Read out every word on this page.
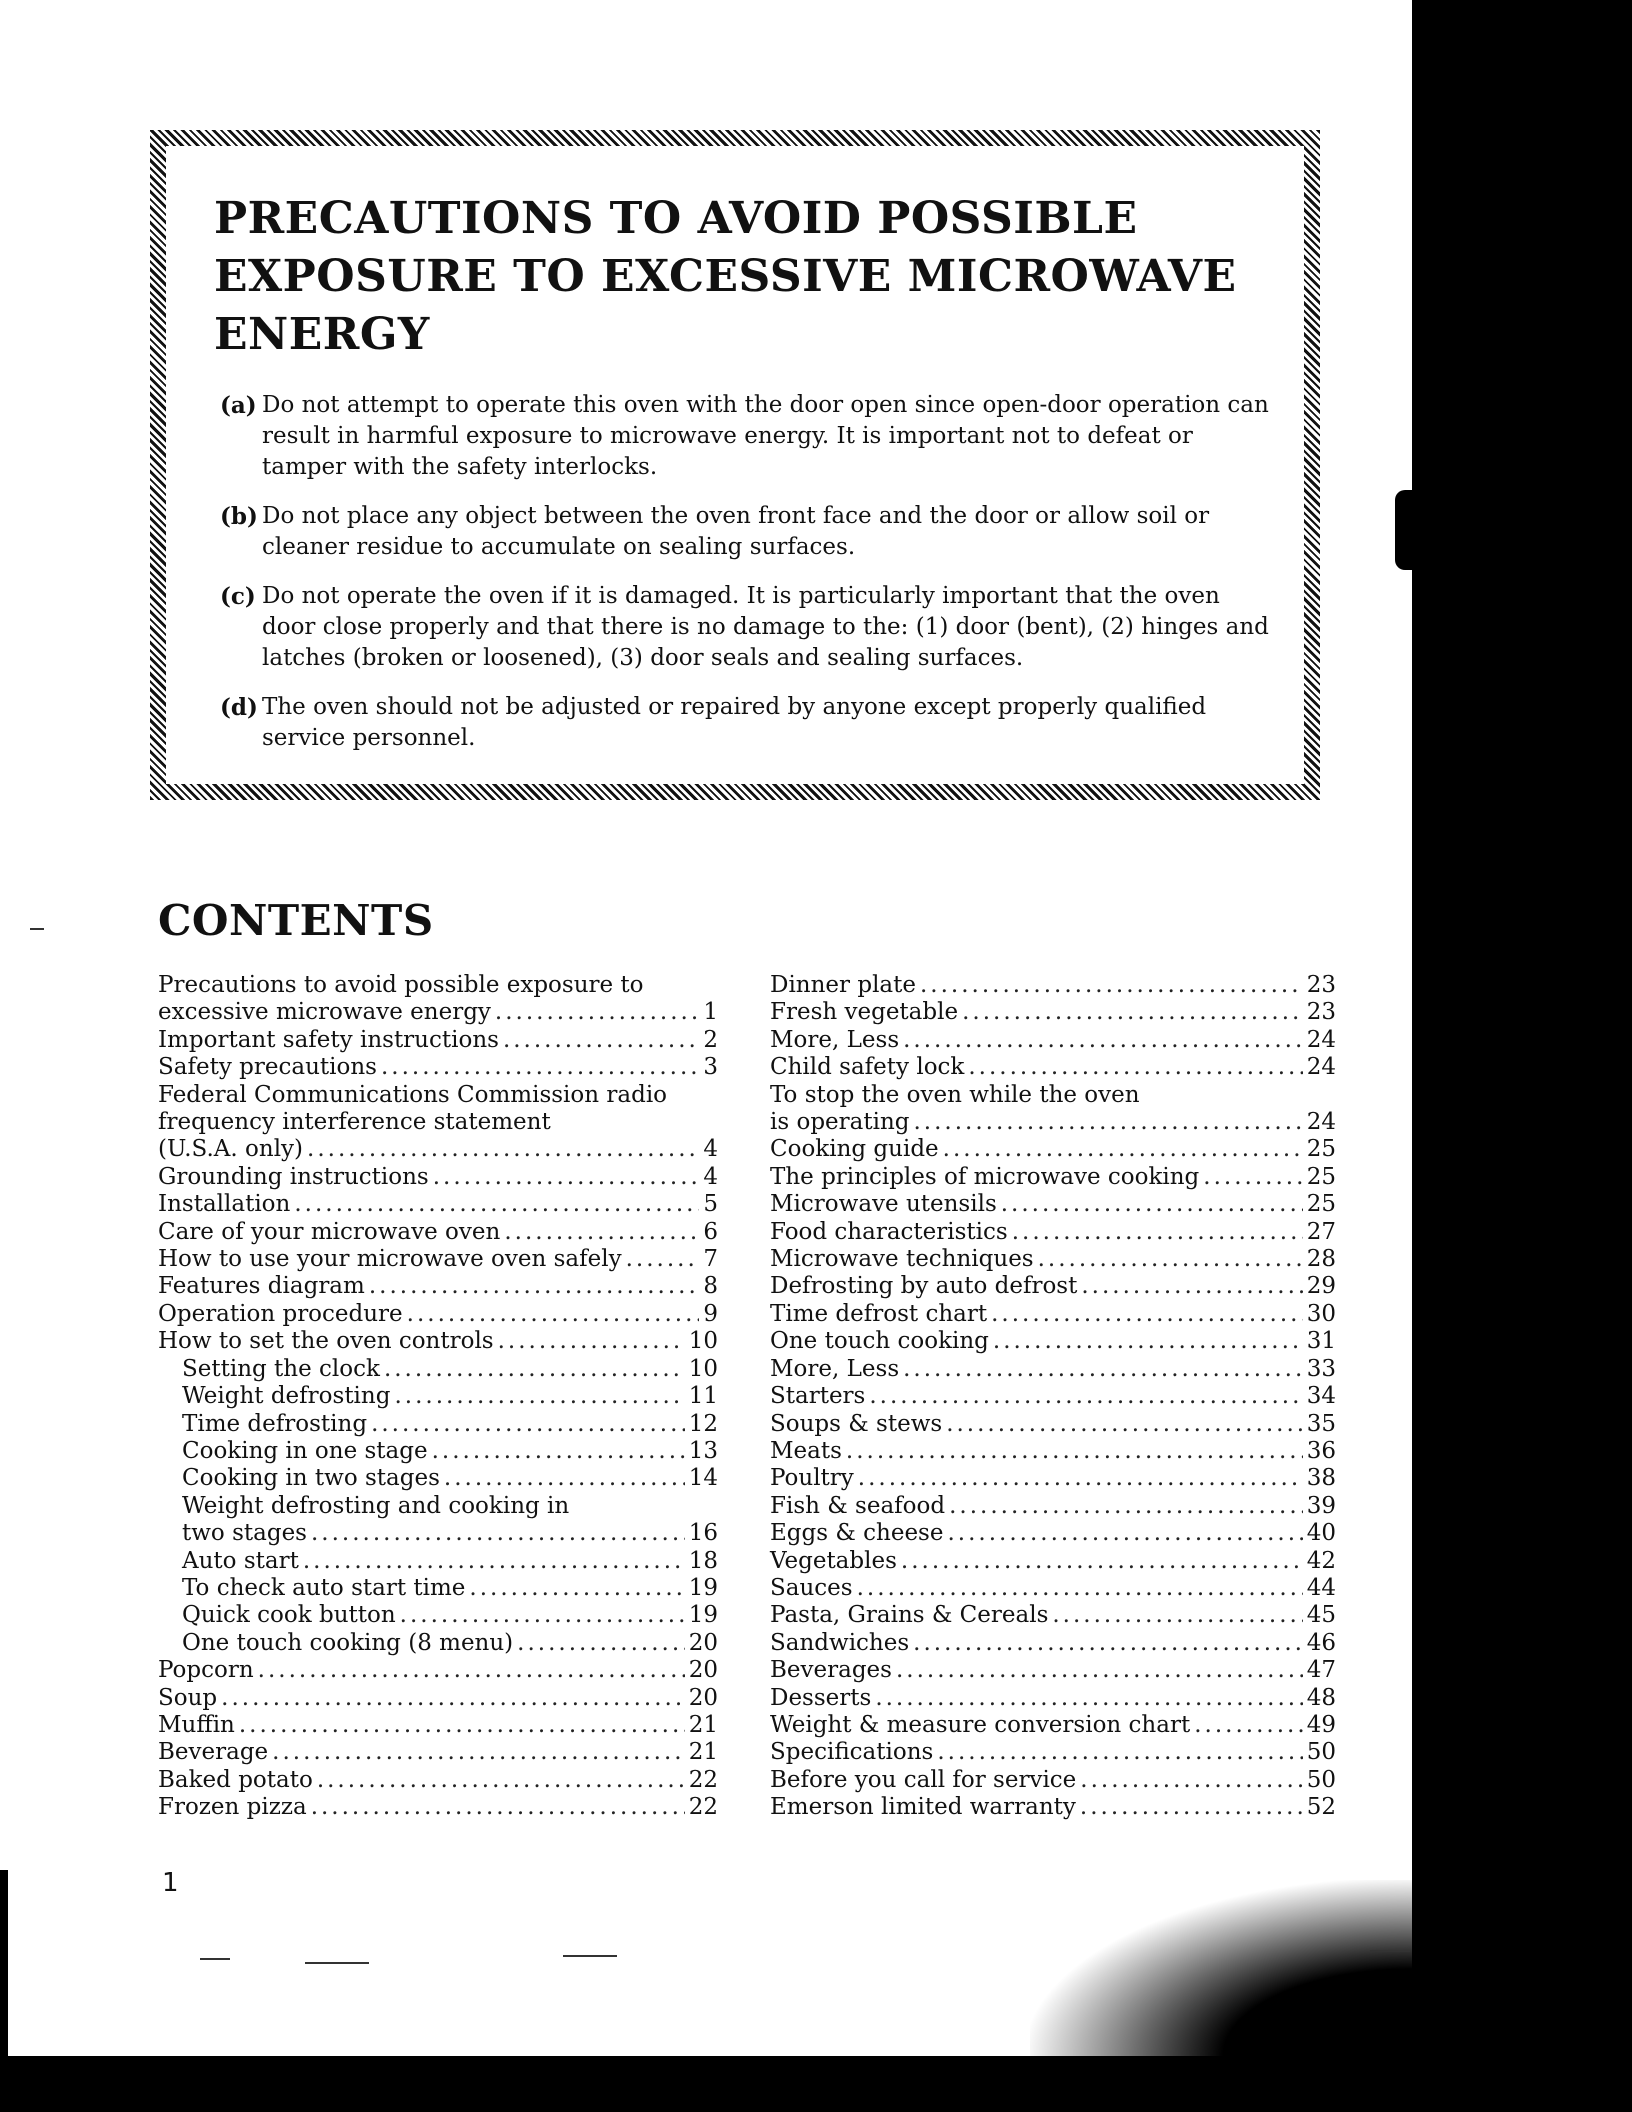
PRECAUTIONS TO AVOID POSSIBLE
EXPOSURE TO EXCESSIVE MICROWAVE
ENERGY
(a) Do not attempt to operate this oven with the door open since open-door operation can result in harmful exposure to microwave energy. It is important not to defeat or tamper with the safety interlocks.
(b) Do not place any object between the oven front face and the door or allow soil or cleaner residue to accumulate on sealing surfaces.
(c) Do not operate the oven if it is damaged. It is particularly important that the oven door close properly and that there is no damage to the: (1) door (bent), (2) hinges and latches (broken or loosened), (3) door seals and sealing surfaces.
(d) The oven should not be adjusted or repaired by anyone except properly qualified service personnel.
CONTENTS
Precautions to avoid possible exposure to
excessive microwave energy .....	1
Important safety instructions .....	2
Safety precautions .....	3
Federal Communications Commission radio
frequency interference statement
(U.S.A. only) .....	4
Grounding instructions .....	4
Installation .....	5
Care of your microwave oven .....	6
How to use your microwave oven safely .....	7
Features diagram .....	8
Operation procedure .....	9
How to set the oven controls .....	10
Setting the clock .....	10
Weight defrosting .....	11
Time defrosting .....	12
Cooking in one stage .....	13
Cooking in two stages .....	14
Weight defrosting and cooking in
two stages .....	16
Auto start .....	18
To check auto start time .....	19
Quick cook button .....	19
One touch cooking (8 menu) .....	20
Popcorn .....	20
Soup .....	20
Muffin .....	21
Beverage .....	21
Baked potato .....	22
Frozen pizza .....	22
Dinner plate .....	23
Fresh vegetable .....	23
More, Less .....	24
Child safety lock .....	24
To stop the oven while the oven
is operating .....	24
Cooking guide .....	25
The principles of microwave cooking .....	25
Microwave utensils .....	25
Food characteristics .....	27
Microwave techniques .....	28
Defrosting by auto defrost .....	29
Time defrost chart .....	30
One touch cooking .....	31
More, Less .....	33
Starters .....	34
Soups & stews .....	35
Meats .....	36
Poultry .....	38
Fish & seafood .....	39
Eggs & cheese .....	40
Vegetables .....	42
Sauces .....	44
Pasta, Grains & Cereals .....	45
Sandwiches .....	46
Beverages .....	47
Desserts .....	48
Weight & measure conversion chart .....	49
Specifications .....	50
Before you call for service .....	50
Emerson limited warranty .....	52

1
